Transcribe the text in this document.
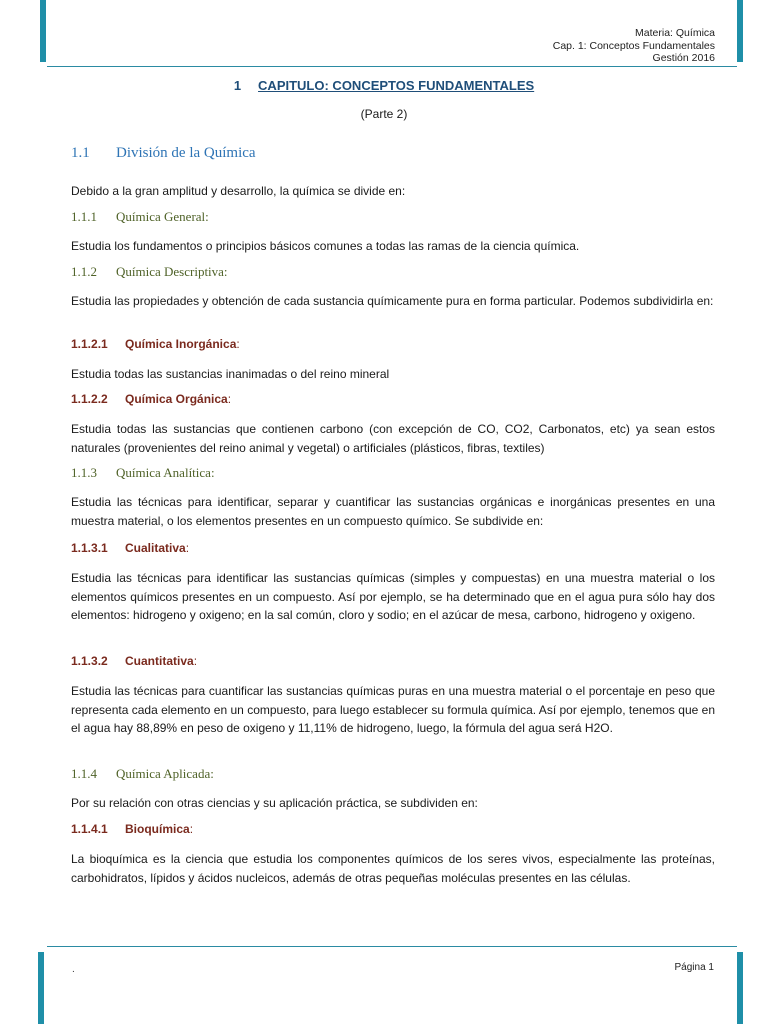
Materia: Química
Cap. 1: Conceptos Fundamentales
Gestión 2016
1 CAPITULO: CONCEPTOS FUNDAMENTALES
(Parte 2)
1.1 División de la Química
Debido a la gran amplitud y desarrollo, la química se divide en:
1.1.1 Química General:
Estudia los fundamentos o principios básicos comunes a todas las ramas de la ciencia química.
1.1.2 Química Descriptiva:
Estudia las propiedades y obtención de cada sustancia químicamente pura en forma particular. Podemos subdividirla en:
1.1.2.1 Química Inorgánica:
Estudia todas las sustancias inanimadas o del reino mineral
1.1.2.2 Química Orgánica:
Estudia todas las sustancias que contienen carbono (con excepción de CO, CO2, Carbonatos, etc) ya sean estos naturales (provenientes del reino animal y vegetal) o artificiales (plásticos, fibras, textiles)
1.1.3 Química Analítica:
Estudia las técnicas para identificar, separar y cuantificar las sustancias orgánicas e inorgánicas presentes en una muestra material, o los elementos presentes en un compuesto químico. Se subdivide en:
1.1.3.1 Cualitativa:
Estudia las técnicas para identificar las sustancias químicas (simples y compuestas) en una muestra material o los elementos químicos presentes en un compuesto. Así por ejemplo, se ha determinado que en el agua pura sólo hay dos elementos: hidrogeno y oxigeno; en la sal común, cloro y sodio; en el azúcar de mesa, carbono, hidrogeno y oxigeno.
1.1.3.2 Cuantitativa:
Estudia las técnicas para cuantificar las sustancias químicas puras en una muestra material o el porcentaje en peso que representa cada elemento en un compuesto, para luego establecer su formula química. Así por ejemplo, tenemos que en el agua hay 88,89% en peso de oxigeno y 11,11% de hidrogeno, luego, la fórmula del agua será H2O.
1.1.4 Química Aplicada:
Por su relación con otras ciencias y su aplicación práctica, se subdividen en:
1.1.4.1 Bioquímica:
La bioquímica es la ciencia que estudia los componentes químicos de los seres vivos, especialmente las proteínas, carbohidratos, lípidos y ácidos nucleicos, además de otras pequeñas moléculas presentes en las células.
.	Página 1
